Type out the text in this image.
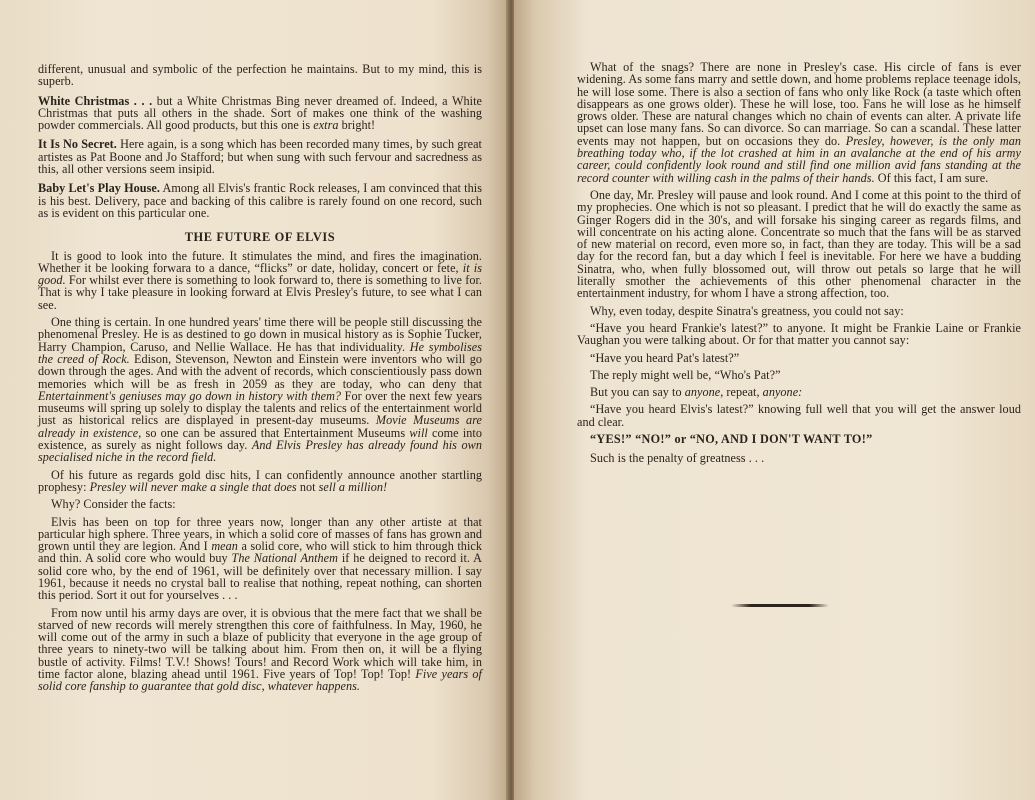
different, unusual and symbolic of the perfection he maintains. But to my mind, this is superb.

White Christmas . . . but a White Christmas Bing never dreamed of. Indeed, a White Christmas that puts all others in the shade. Sort of makes one think of the washing powder commercials. All good products, but this one is extra bright!

It Is No Secret. Here again, is a song which has been recorded many times, by such great artistes as Pat Boone and Jo Stafford; but when sung with such fervour and sacredness as this, all other versions seem insipid.

Baby Let's Play House. Among all Elvis's frantic Rock releases, I am convinced that this is his best. Delivery, pace and backing of this calibre is rarely found on one record, such as is evident on this particular one.

THE FUTURE OF ELVIS

It is good to look into the future. It stimulates the mind, and fires the imagination. Whether it be looking forwara to a dance, “flicks” or date, holiday, concert or fete, it is good. For whilst ever there is something to look forward to, there is something to live for. That is why I take pleasure in looking forward at Elvis Presley's future, to see what I can see.

One thing is certain. In one hundred years' time there will be people still discussing the phenomenal Presley. He is as destined to go down in musical history as is Sophie Tucker, Harry Champion, Caruso, and Nellie Wallace. He has that individuality. He symbolises the creed of Rock. Edison, Stevenson, Newton and Einstein were inventors who will go down through the ages. And with the advent of records, which conscientiously pass down memories which will be as fresh in 2059 as they are today, who can deny that Entertainment's geniuses may go down in history with them? For over the next few years museums will spring up solely to display the talents and relics of the entertainment world just as historical relics are displayed in present-day museums. Movie Museums are already in existence, so one can be assured that Entertainment Museums will come into existence, as surely as night follows day. And Elvis Presley has already found his own specialised niche in the record field.

Of his future as regards gold disc hits, I can confidently announce another startling prophesy: Presley will never make a single that does not sell a million!

Why? Consider the facts:

Elvis has been on top for three years now, longer than any other artiste at that particular high sphere. Three years, in which a solid core of masses of fans has grown and grown until they are legion. And I mean a solid core, who will stick to him through thick and thin. A solid core who would buy The National Anthem if he deigned to record it. A solid core who, by the end of 1961, will be definitely over that necessary million. I say 1961, because it needs no crystal ball to realise that nothing, repeat nothing, can shorten this period. Sort it out for yourselves . . .

From now until his army days are over, it is obvious that the mere fact that we shall be starved of new records will merely strengthen this core of faithfulness. In May, 1960, he will come out of the army in such a blaze of publicity that everyone in the age group of three years to ninety-two will be talking about him. From then on, it will be a flying bustle of activity. Films! T.V.! Shows! Tours! and Record Work which will take him, in time factor alone, blazing ahead until 1961. Five years of Top! Top! Top! Five years of solid core fanship to guarantee that gold disc, whatever happens.

What of the snags? There are none in Presley's case. His circle of fans is ever widening. As some fans marry and settle down, and home problems replace teenage idols, he will lose some. There is also a section of fans who only like Rock (a taste which often disappears as one grows older). These he will lose, too. Fans he will lose as he himself grows older. These are natural changes which no chain of events can alter. A private life upset can lose many fans. So can divorce. So can marriage. So can a scandal. These latter events may not happen, but on occasions they do. Presley, however, is the only man breathing today who, if the lot crashed at him in an avalanche at the end of his army career, could confidently look round and still find one million avid fans standing at the record counter with willing cash in the palms of their hands. Of this fact, I am sure.

One day, Mr. Presley will pause and look round. And I come at this point to the third of my prophecies. One which is not so pleasant. I predict that he will do exactly the same as Ginger Rogers did in the 30's, and will forsake his singing career as regards films, and will concentrate on his acting alone. Concentrate so much that the fans will be as starved of new material on record, even more so, in fact, than they are today. This will be a sad day for the record fan, but a day which I feel is inevitable. For here we have a budding Sinatra, who, when fully blossomed out, will throw out petals so large that he will literally smother the achievements of this other phenomenal character in the entertainment industry, for whom I have a strong affection, too.

Why, even today, despite Sinatra's greatness, you could not say:

“Have you heard Frankie's latest?” to anyone. It might be Frankie Laine or Frankie Vaughan you were talking about. Or for that matter you cannot say:

“Have you heard Pat's latest?”

The reply might well be, “Who's Pat?”

But you can say to anyone, repeat, anyone:

“Have you heard Elvis's latest?” knowing full well that you will get the answer loud and clear.

“YES!” “NO!” or “NO, AND I DON'T WANT TO!”

Such is the penalty of greatness . . .
